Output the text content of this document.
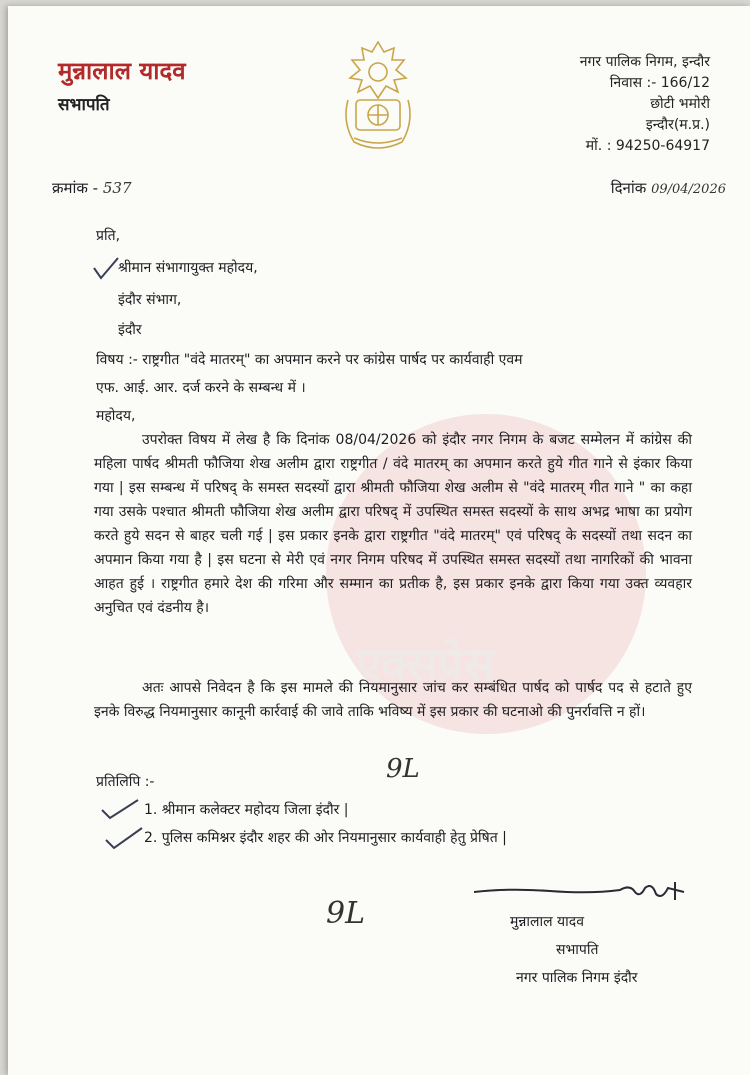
एक्सप्रेस
मुन्नालाल यादव
सभापति
नगर पालिक निगम, इन्दौर
निवास :- 166/12
छोटी भमोरी
इन्दौर(म.प्र.)
मों. : 94250-64917
क्रमांक - 537	दिनांक 09/04/2026
प्रति,
श्रीमान संभागायुक्त महोदय,
इंदौर संभाग,
इंदौर
विषय :- राष्ट्रगीत "वंदे मातरम्" का अपमान करने पर कांग्रेस पार्षद पर कार्यवाही एवम
एफ. आई. आर. दर्ज करने के सम्बन्ध में ।
महोदय,
उपरोक्त विषय में लेख है कि दिनांक 08/04/2026 को इंदौर नगर निगम के बजट सम्मेलन में कांग्रेस की महिला पार्षद श्रीमती फौजिया शेख अलीम द्वारा राष्ट्रगीत / वंदे मातरम् का अपमान करते हुये गीत गाने से इंकार किया गया | इस सम्बन्ध में परिषद् के समस्त सदस्यों द्वारा श्रीमती फौजिया शेख अलीम से "वंदे मातरम् गीत गाने " का कहा गया उसके पश्चात श्रीमती फौजिया शेख अलीम द्वारा परिषद् में उपस्थित समस्त सदस्यों के साथ अभद्र भाषा का प्रयोग करते हुये सदन से बाहर चली गई | इस प्रकार इनके द्वारा राष्ट्रगीत "वंदे मातरम्" एवं परिषद् के सदस्यों तथा सदन का अपमान किया गया है | इस घटना से मेरी एवं नगर निगम परिषद में उपस्थित समस्त सदस्यों तथा नागरिकों की भावना आहत हुई । राष्ट्रगीत हमारे देश की गरिमा और सम्मान का प्रतीक है, इस प्रकार इनके द्वारा किया गया उक्त व्यवहार अनुचित एवं दंडनीय है।
अतः आपसे निवेदन है कि इस मामले की नियमानुसार जांच कर सम्बंधित पार्षद को पार्षद पद से हटाते हुए इनके विरुद्ध नियमानुसार कानूनी कार्रवाई की जावे ताकि भविष्य में इस प्रकार की घटनाओ की पुनर्रावत्ति न हों।
9L
प्रतिलिपि :-
1. श्रीमान कलेक्टर महोदय जिला इंदौर |
2. पुलिस कमिश्नर इंदौर शहर की ओर नियमानुसार कार्यवाही हेतु प्रेषित |
9L	मुन्नालाल यादव
सभापति
नगर पालिक निगम इंदौर
